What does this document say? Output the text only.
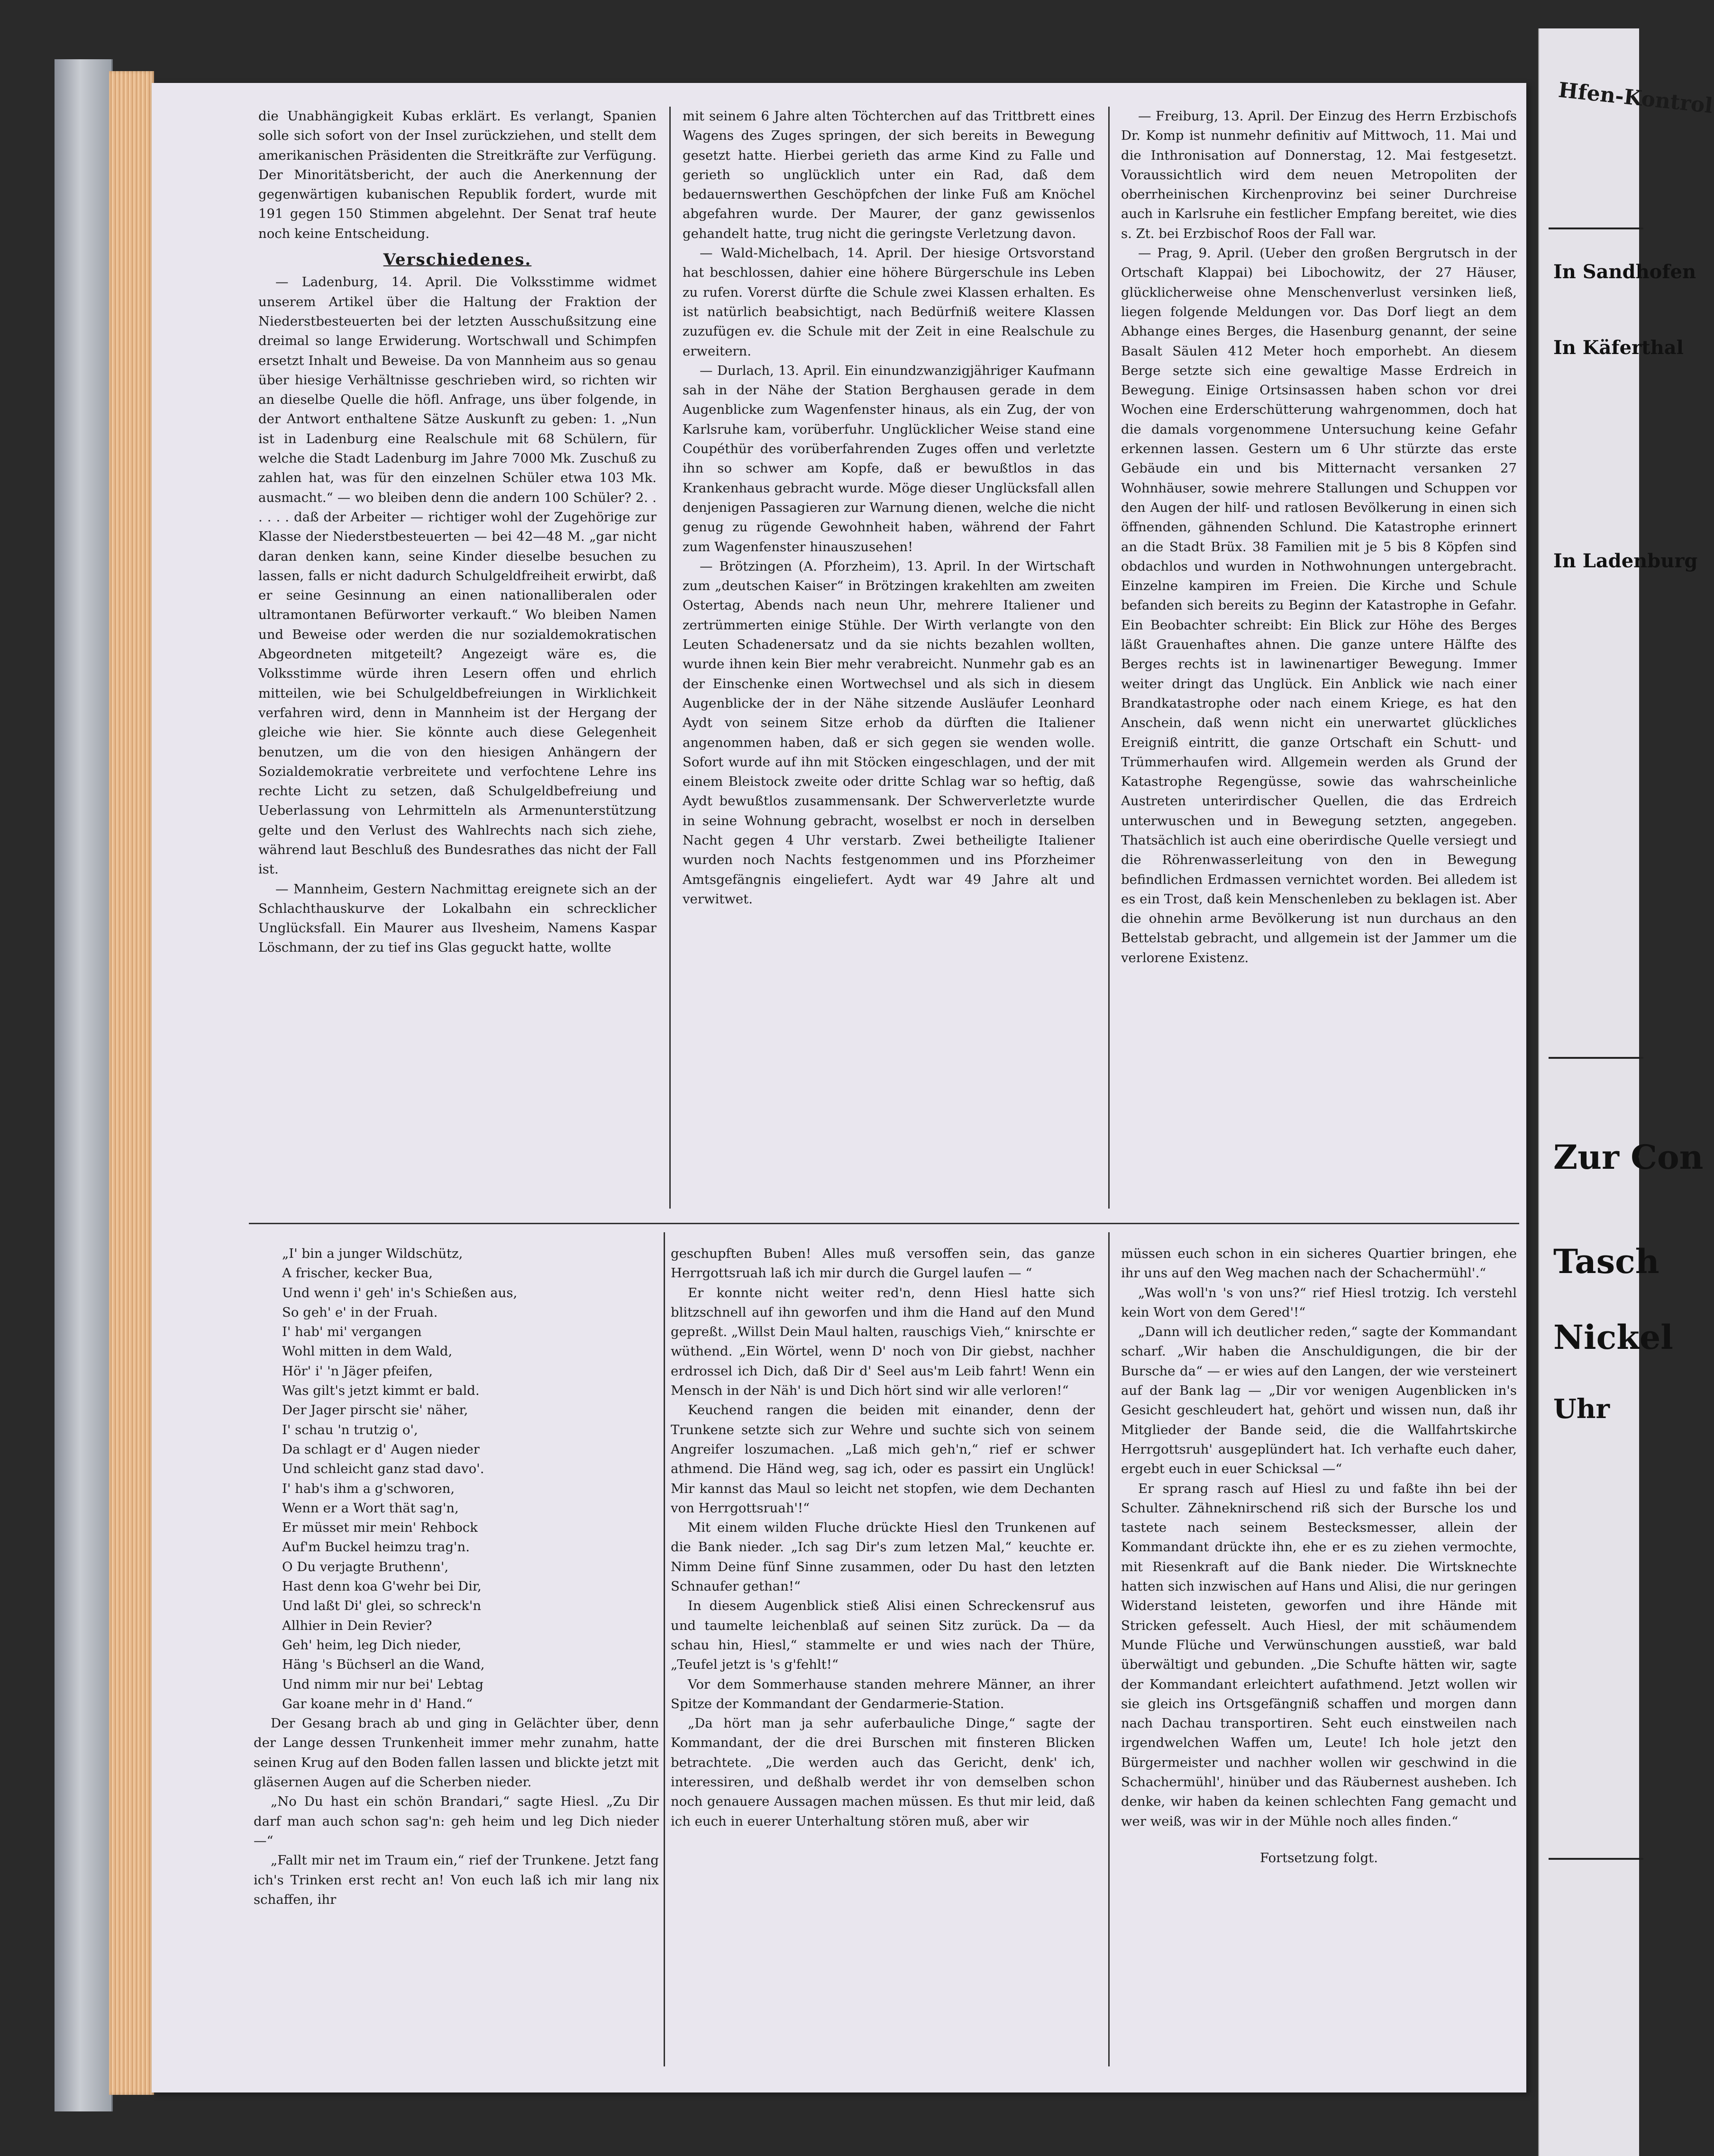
Hfen-Kontrol
In Sandhofen
In Käferthal
In Ladenburg
Zur Con
Tasch
Nickel
Uhr

die Unabhängigkeit Kubas erklärt. Es verlangt, Spanien solle sich sofort von der Insel zurückziehen, und stellt dem amerikanischen Präsidenten die Streitkräfte zur Verfügung. Der Minoritätsbericht, der auch die Anerkennung der gegenwärtigen kubanischen Republik fordert, wurde mit 191 gegen 150 Stimmen abgelehnt. Der Senat traf heute noch keine Entscheidung.

Verschiedenes.

— Ladenburg, 14. April. Die Volksstimme widmet unserem Artikel über die Haltung der Fraktion der Niederstbesteuerten bei der letzten Ausschußsitzung eine dreimal so lange Erwiderung. Wortschwall und Schimpfen ersetzt Inhalt und Beweise. Da von Mannheim aus so genau über hiesige Verhältnisse geschrieben wird, so richten wir an dieselbe Quelle die höfl. Anfrage, uns über folgende, in der Antwort enthaltene Sätze Auskunft zu geben: 1. „Nun ist in Ladenburg eine Realschule mit 68 Schülern, für welche die Stadt Ladenburg im Jahre 7000 Mk. Zuschuß zu zahlen hat, was für den einzelnen Schüler etwa 103 Mk. ausmacht.“ — wo bleiben denn die andern 100 Schüler? 2. . . . . . daß der Arbeiter — richtiger wohl der Zugehörige zur Klasse der Niederstbesteuerten — bei 42—48 M. „gar nicht daran denken kann, seine Kinder dieselbe besuchen zu lassen, falls er nicht dadurch Schulgeldfreiheit erwirbt, daß er seine Gesinnung an einen nationalliberalen oder ultramontanen Befürworter verkauft.“ Wo bleiben Namen und Beweise oder werden die nur sozialdemokratischen Abgeordneten mitgeteilt? Angezeigt wäre es, die Volksstimme würde ihren Lesern offen und ehrlich mitteilen, wie bei Schulgeldbefreiungen in Wirklichkeit verfahren wird, denn in Mannheim ist der Hergang der gleiche wie hier. Sie könnte auch diese Gelegenheit benutzen, um die von den hiesigen Anhängern der Sozialdemokratie verbreitete und verfochtene Lehre ins rechte Licht zu setzen, daß Schulgeldbefreiung und Ueberlassung von Lehrmitteln als Armenunterstützung gelte und den Verlust des Wahlrechts nach sich ziehe, während laut Beschluß des Bundesrathes das nicht der Fall ist.

— Mannheim, Gestern Nachmittag ereignete sich an der Schlachthauskurve der Lokalbahn ein schrecklicher Unglücksfall. Ein Maurer aus Ilvesheim, Namens Kaspar Löschmann, der zu tief ins Glas geguckt hatte, wollte

mit seinem 6 Jahre alten Töchterchen auf das Trittbrett eines Wagens des Zuges springen, der sich bereits in Bewegung gesetzt hatte. Hierbei gerieth das arme Kind zu Falle und gerieth so unglücklich unter ein Rad, daß dem bedauernswerthen Geschöpfchen der linke Fuß am Knöchel abgefahren wurde. Der Maurer, der ganz gewissenlos gehandelt hatte, trug nicht die geringste Verletzung davon.

— Wald-Michelbach, 14. April. Der hiesige Ortsvorstand hat beschlossen, dahier eine höhere Bürgerschule ins Leben zu rufen. Vorerst dürfte die Schule zwei Klassen erhalten. Es ist natürlich beabsichtigt, nach Bedürfniß weitere Klassen zuzufügen ev. die Schule mit der Zeit in eine Realschule zu erweitern.

— Durlach, 13. April. Ein einundzwanzigjähriger Kaufmann sah in der Nähe der Station Berghausen gerade in dem Augenblicke zum Wagenfenster hinaus, als ein Zug, der von Karlsruhe kam, vorüberfuhr. Unglücklicher Weise stand eine Coupéthür des vorüberfahrenden Zuges offen und verletzte ihn so schwer am Kopfe, daß er bewußtlos in das Krankenhaus gebracht wurde. Möge dieser Unglücksfall allen denjenigen Passagieren zur Warnung dienen, welche die nicht genug zu rügende Gewohnheit haben, während der Fahrt zum Wagenfenster hinauszusehen!

— Brötzingen (A. Pforzheim), 13. April. In der Wirtschaft zum „deutschen Kaiser“ in Brötzingen krakehlten am zweiten Ostertag, Abends nach neun Uhr, mehrere Italiener und zertrümmerten einige Stühle. Der Wirth verlangte von den Leuten Schadenersatz und da sie nichts bezahlen wollten, wurde ihnen kein Bier mehr verabreicht. Nunmehr gab es an der Einschenke einen Wortwechsel und als sich in diesem Augenblicke der in der Nähe sitzende Ausläufer Leonhard Aydt von seinem Sitze erhob da dürften die Italiener angenommen haben, daß er sich gegen sie wenden wolle. Sofort wurde auf ihn mit Stöcken eingeschlagen, und der mit einem Bleistock zweite oder dritte Schlag war so heftig, daß Aydt bewußtlos zusammensank. Der Schwerverletzte wurde in seine Wohnung gebracht, woselbst er noch in derselben Nacht gegen 4 Uhr verstarb. Zwei betheiligte Italiener wurden noch Nachts festgenommen und ins Pforzheimer Amtsgefängnis eingeliefert. Aydt war 49 Jahre alt und verwitwet.

— Freiburg, 13. April. Der Einzug des Herrn Erzbischofs Dr. Komp ist nunmehr definitiv auf Mittwoch, 11. Mai und die Inthronisation auf Donnerstag, 12. Mai festgesetzt. Voraussichtlich wird dem neuen Metropoliten der oberrheinischen Kirchenprovinz bei seiner Durchreise auch in Karlsruhe ein festlicher Empfang bereitet, wie dies s. Zt. bei Erzbischof Roos der Fall war.

— Prag, 9. April. (Ueber den großen Bergrutsch in der Ortschaft Klappai) bei Libochowitz, der 27 Häuser, glücklicherweise ohne Menschenverlust versinken ließ, liegen folgende Meldungen vor. Das Dorf liegt an dem Abhange eines Berges, die Hasenburg genannt, der seine Basalt Säulen 412 Meter hoch emporhebt. An diesem Berge setzte sich eine gewaltige Masse Erdreich in Bewegung. Einige Ortsinsassen haben schon vor drei Wochen eine Erderschütterung wahrgenommen, doch hat die damals vorgenommene Untersuchung keine Gefahr erkennen lassen. Gestern um 6 Uhr stürzte das erste Gebäude ein und bis Mitternacht versanken 27 Wohnhäuser, sowie mehrere Stallungen und Schuppen vor den Augen der hilf- und ratlosen Bevölkerung in einen sich öffnenden, gähnenden Schlund. Die Katastrophe erinnert an die Stadt Brüx. 38 Familien mit je 5 bis 8 Köpfen sind obdachlos und wurden in Nothwohnungen untergebracht. Einzelne kampiren im Freien. Die Kirche und Schule befanden sich bereits zu Beginn der Katastrophe in Gefahr. Ein Beobachter schreibt: Ein Blick zur Höhe des Berges läßt Grauenhaftes ahnen. Die ganze untere Hälfte des Berges rechts ist in lawinenartiger Bewegung. Immer weiter dringt das Unglück. Ein Anblick wie nach einer Brandkatastrophe oder nach einem Kriege, es hat den Anschein, daß wenn nicht ein unerwartet glückliches Ereigniß eintritt, die ganze Ortschaft ein Schutt- und Trümmerhaufen wird. Allgemein werden als Grund der Katastrophe Regengüsse, sowie das wahrscheinliche Austreten unterirdischer Quellen, die das Erdreich unterwuschen und in Bewegung setzten, angegeben. Thatsächlich ist auch eine oberirdische Quelle versiegt und die Röhrenwasserleitung von den in Bewegung befindlichen Erdmassen vernichtet worden. Bei alledem ist es ein Trost, daß kein Menschenleben zu beklagen ist. Aber die ohnehin arme Bevölkerung ist nun durchaus an den Bettelstab gebracht, und allgemein ist der Jammer um die verlorene Existenz.

„I' bin a junger Wildschütz,
A frischer, kecker Bua,
Und wenn i' geh' in's Schießen aus,
So geh' e' in der Fruah.
I' hab' mi' vergangen
Wohl mitten in dem Wald,
Hör' i' 'n Jäger pfeifen,
Was gilt's jetzt kimmt er bald.
Der Jager pirscht sie' näher,
I' schau 'n trutzig o',
Da schlagt er d' Augen nieder
Und schleicht ganz stad davo'.
I' hab's ihm a g'schworen,
Wenn er a Wort thät sag'n,
Er müsset mir mein' Rehbock
Auf'm Buckel heimzu trag'n.
O Du verjagte Bruthenn',
Hast denn koa G'wehr bei Dir,
Und laßt Di' glei, so schreck'n
Allhier in Dein Revier?
Geh' heim, leg Dich nieder,
Häng 's Büchserl an die Wand,
Und nimm mir nur bei' Lebtag
Gar koane mehr in d' Hand.“

Der Gesang brach ab und ging in Gelächter über, denn der Lange dessen Trunkenheit immer mehr zunahm, hatte seinen Krug auf den Boden fallen lassen und blickte jetzt mit gläsernen Augen auf die Scherben nieder.

„No Du hast ein schön Brandari,“ sagte Hiesl. „Zu Dir darf man auch schon sag'n: geh heim und leg Dich nieder —“

„Fallt mir net im Traum ein,“ rief der Trunkene. Jetzt fang ich's Trinken erst recht an! Von euch laß ich mir lang nix schaffen, ihr

geschupften Buben! Alles muß versoffen sein, das ganze Herrgottsruah laß ich mir durch die Gurgel laufen — “

Er konnte nicht weiter red'n, denn Hiesl hatte sich blitzschnell auf ihn geworfen und ihm die Hand auf den Mund gepreßt. „Willst Dein Maul halten, rauschigs Vieh,“ knirschte er wüthend. „Ein Wörtel, wenn D' noch von Dir giebst, nachher erdrossel ich Dich, daß Dir d' Seel aus'm Leib fahrt! Wenn ein Mensch in der Näh' is und Dich hört sind wir alle verloren!“

Keuchend rangen die beiden mit einander, denn der Trunkene setzte sich zur Wehre und suchte sich von seinem Angreifer loszumachen. „Laß mich geh'n,“ rief er schwer athmend. Die Händ weg, sag ich, oder es passirt ein Unglück! Mir kannst das Maul so leicht net stopfen, wie dem Dechanten von Herrgottsruah'!“

Mit einem wilden Fluche drückte Hiesl den Trunkenen auf die Bank nieder. „Ich sag Dir's zum letzen Mal,“ keuchte er. Nimm Deine fünf Sinne zusammen, oder Du hast den letzten Schnaufer gethan!“

In diesem Augenblick stieß Alisi einen Schreckensruf aus und taumelte leichenblaß auf seinen Sitz zurück. Da — da schau hin, Hiesl,“ stammelte er und wies nach der Thüre, „Teufel jetzt is 's g'fehlt!“

Vor dem Sommerhause standen mehrere Männer, an ihrer Spitze der Kommandant der Gendarmerie-Station.

„Da hört man ja sehr auferbauliche Dinge,“ sagte der Kommandant, der die drei Burschen mit finsteren Blicken betrachtete. „Die werden auch das Gericht, denk' ich, interessiren, und deßhalb werdet ihr von demselben schon noch genauere Aussagen machen müssen. Es thut mir leid, daß ich euch in euerer Unterhaltung stören muß, aber wir

müssen euch schon in ein sicheres Quartier bringen, ehe ihr uns auf den Weg machen nach der Schachermühl'.“

„Was woll'n 's von uns?“ rief Hiesl trotzig. Ich verstehl kein Wort von dem Gered'!“

„Dann will ich deutlicher reden,“ sagte der Kommandant scharf. „Wir haben die Anschuldigungen, die bir der Bursche da“ — er wies auf den Langen, der wie versteinert auf der Bank lag — „Dir vor wenigen Augenblicken in's Gesicht geschleudert hat, gehört und wissen nun, daß ihr Mitglieder der Bande seid, die die Wallfahrtskirche Herrgottsruh' ausgeplündert hat. Ich verhafte euch daher, ergebt euch in euer Schicksal —“

Er sprang rasch auf Hiesl zu und faßte ihn bei der Schulter. Zähneknirschend riß sich der Bursche los und tastete nach seinem Bestecksmesser, allein der Kommandant drückte ihn, ehe er es zu ziehen vermochte, mit Riesenkraft auf die Bank nieder. Die Wirtsknechte hatten sich inzwischen auf Hans und Alisi, die nur geringen Widerstand leisteten, geworfen und ihre Hände mit Stricken gefesselt. Auch Hiesl, der mit schäumendem Munde Flüche und Verwünschungen ausstieß, war bald überwältigt und gebunden. „Die Schufte hätten wir, sagte der Kommandant erleichtert aufathmend. Jetzt wollen wir sie gleich ins Ortsgefängniß schaffen und morgen dann nach Dachau transportiren. Seht euch einstweilen nach irgendwelchen Waffen um, Leute! Ich hole jetzt den Bürgermeister und nachher wollen wir geschwind in die Schachermühl', hinüber und das Räubernest ausheben. Ich denke, wir haben da keinen schlechten Fang gemacht und wer weiß, was wir in der Mühle noch alles finden.“

Fortsetzung folgt.
